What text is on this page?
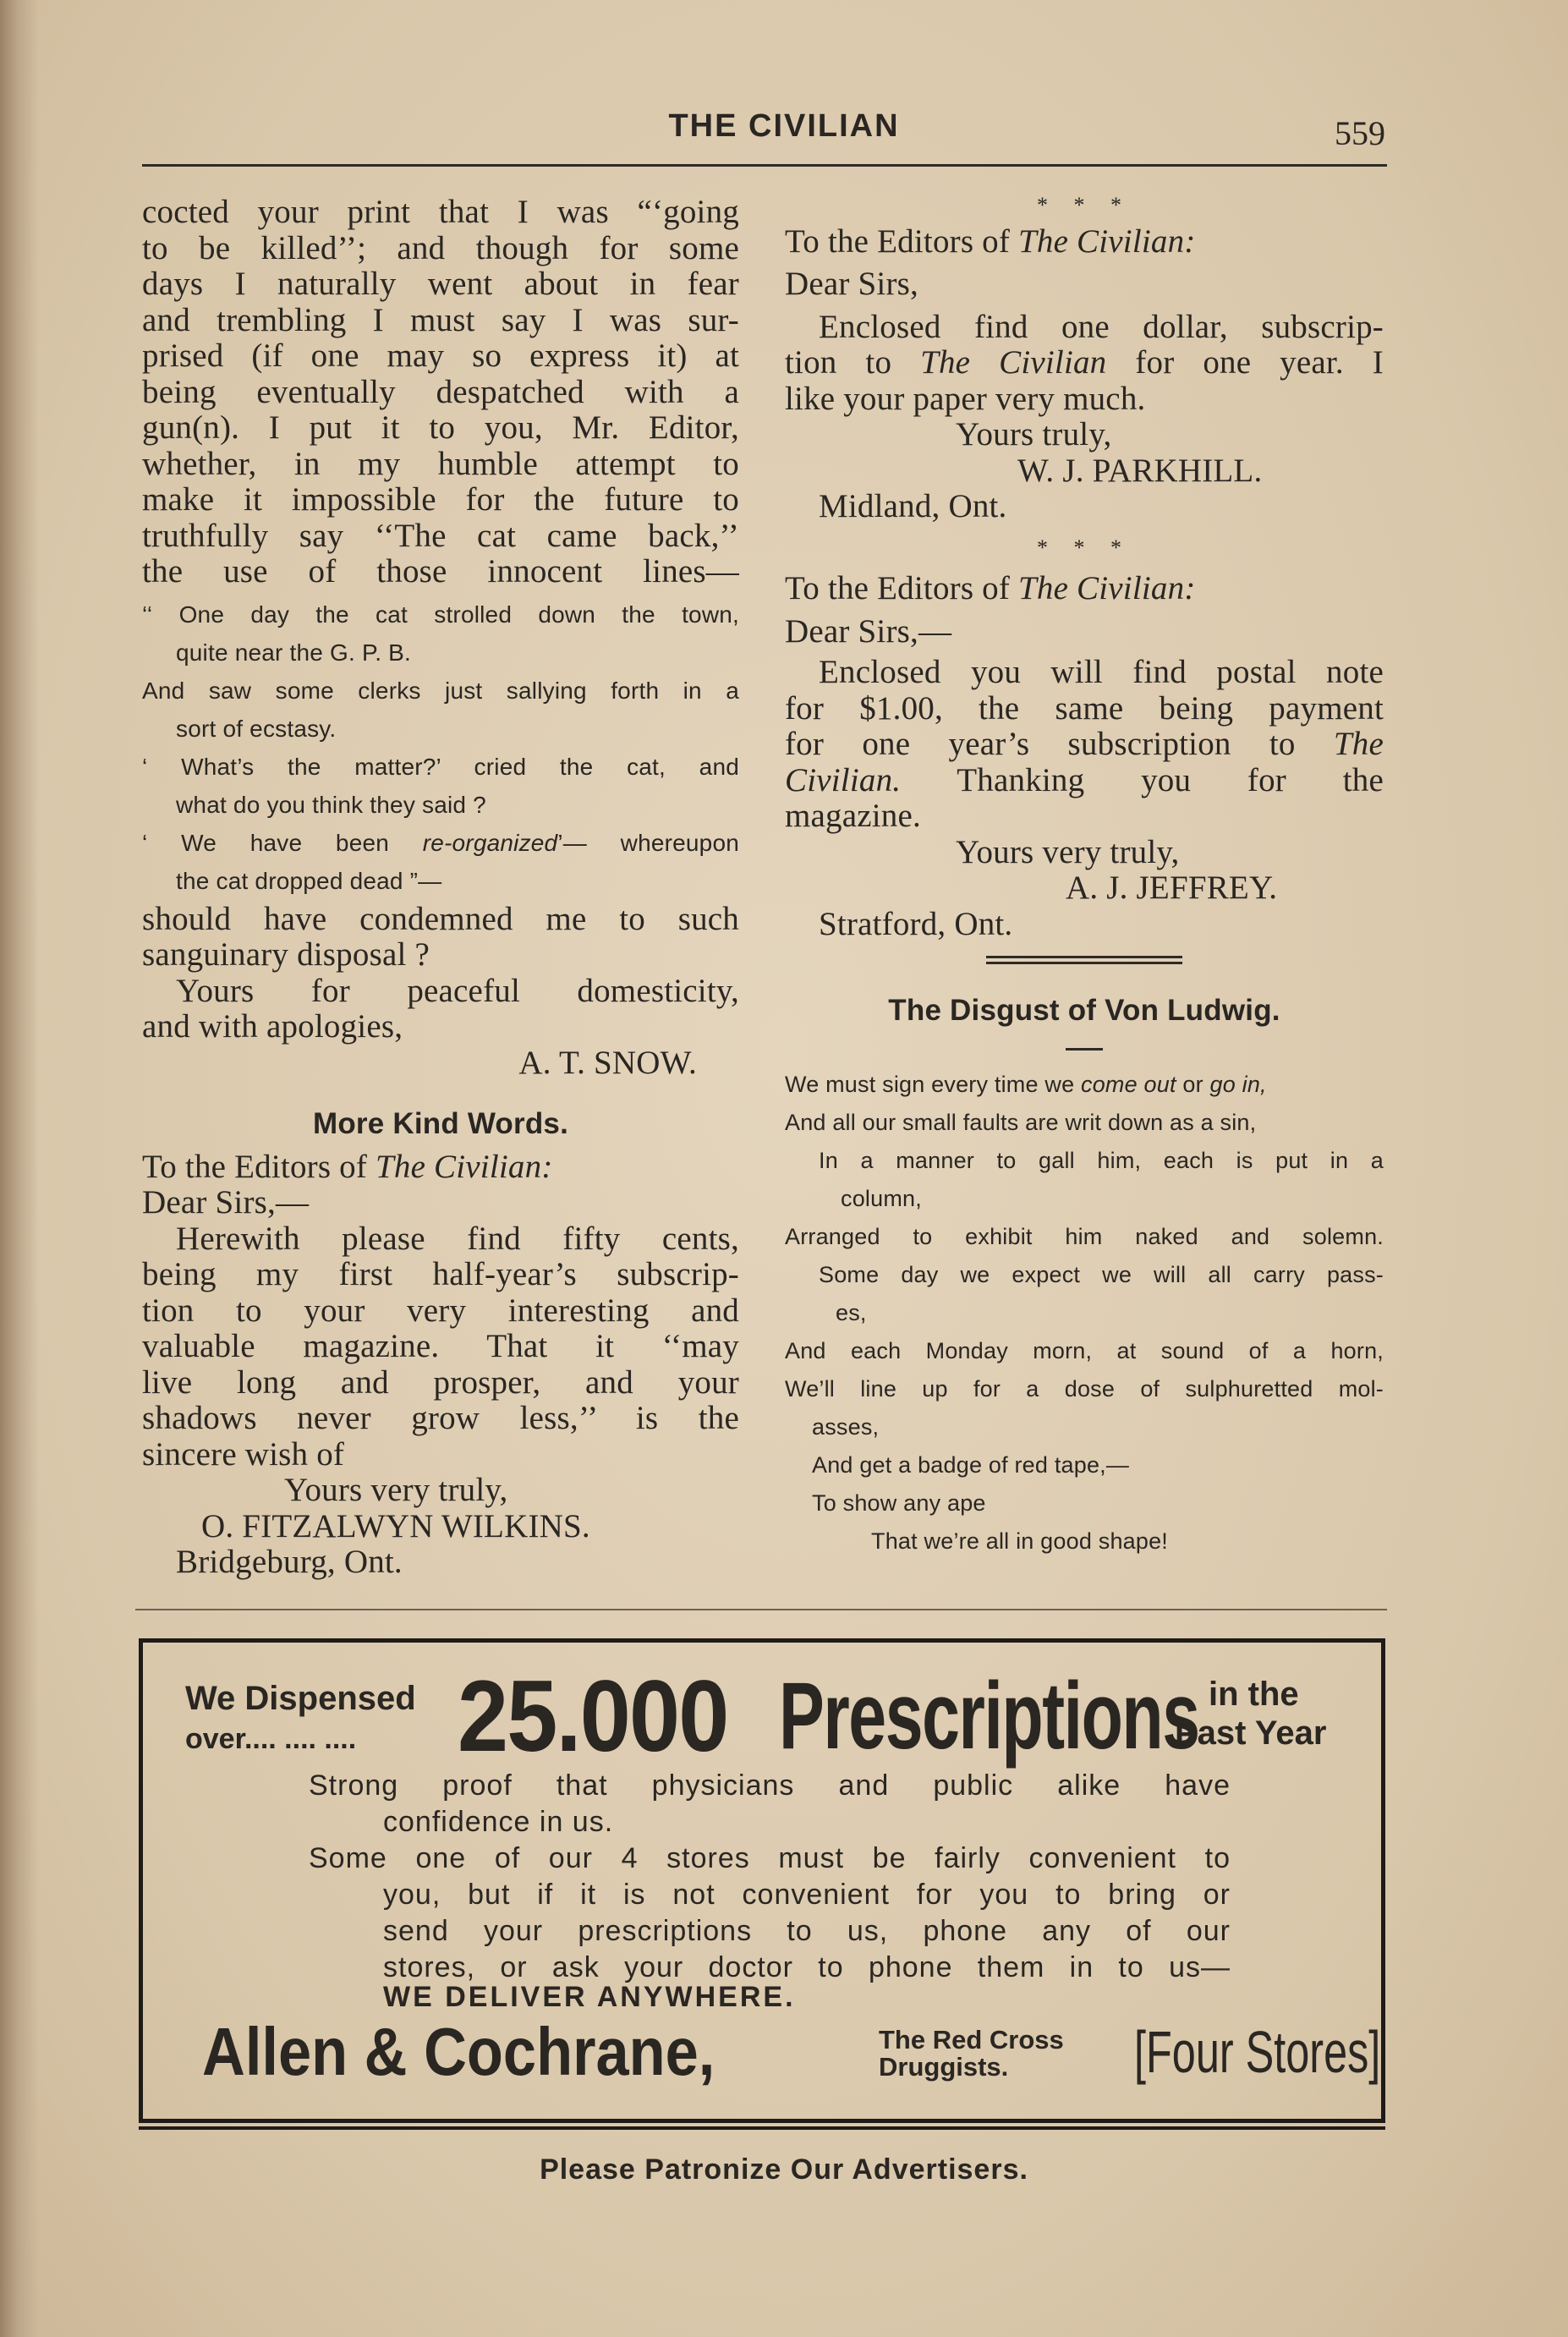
THE CIVILIAN	559

cocted your print that I was “‘going

to be killed’’; and though for some

days I naturally went about in fear

and trembling I must say I was sur-

prised (if one may so express it) at

being eventually despatched with a

gun(n). I put it to you, Mr. Editor,

whether, in my humble attempt to

make it impossible for the future to

truthfully say ‘‘The cat came back,’’

the use of those innocent lines—

‘‘ One day the cat strolled down the town,

quite near the G. P. B.

And saw some clerks just sallying forth in a

sort of ecstasy.

‘ What’s the matter?’ cried the cat, and

what do you think they said ?

‘ We have been re-organized’— whereupon

the cat dropped dead ”—

should have condemned me to such

sanguinary disposal ?

Yours for peaceful domesticity,

and with apologies,

A. T. SNOW.

More Kind Words.

To the Editors of The Civilian:

Dear Sirs,—

Herewith please find fifty cents,

being my first half-year’s subscrip-

tion to your very interesting and

valuable magazine. That it ‘‘may

live long and prosper, and your

shadows never grow less,’’ is the

sincere wish of

Yours very truly,

O. FITZALWYN WILKINS.

Bridgeburg, Ont.

* * *

To the Editors of The Civilian:

Dear Sirs,

Enclosed find one dollar, subscrip-

tion to The Civilian for one year. I

like your paper very much.

Yours truly,

W. J. PARKHILL.

Midland, Ont.

* * *

To the Editors of The Civilian:

Dear Sirs,—

Enclosed you will find postal note

for $1.00, the same being payment

for one year’s subscription to The

Civilian. Thanking you for the

magazine.

Yours very truly,

A. J. JEFFREY.

Stratford, Ont.

The Disgust of Von Ludwig.

We must sign every time we come out or go in,

And all our small faults are writ down as a sin,

In a manner to gall him, each is put in a

column,

Arranged to exhibit him naked and solemn.

Some day we expect we will all carry pass-

es,

And each Monday morn, at sound of a horn,

We’ll line up for a dose of sulphuretted mol-

asses,

And get a badge of red tape,—

To show any ape

That we’re all in good shape!

We Dispensed
over.... .... .... 25.000 Prescriptions in the
Past Year

Strong proof that physicians and public alike have

confidence in us.

Some one of our 4 stores must be fairly convenient to

you, but if it is not convenient for you to bring or

send your prescriptions to us, phone any of our

stores, or ask your doctor to phone them in to us—

WE DELIVER ANYWHERE.

Allen & Cochrane,	The Red Cross
Druggists.	[Four Stores]
Please Patronize Our Advertisers.
